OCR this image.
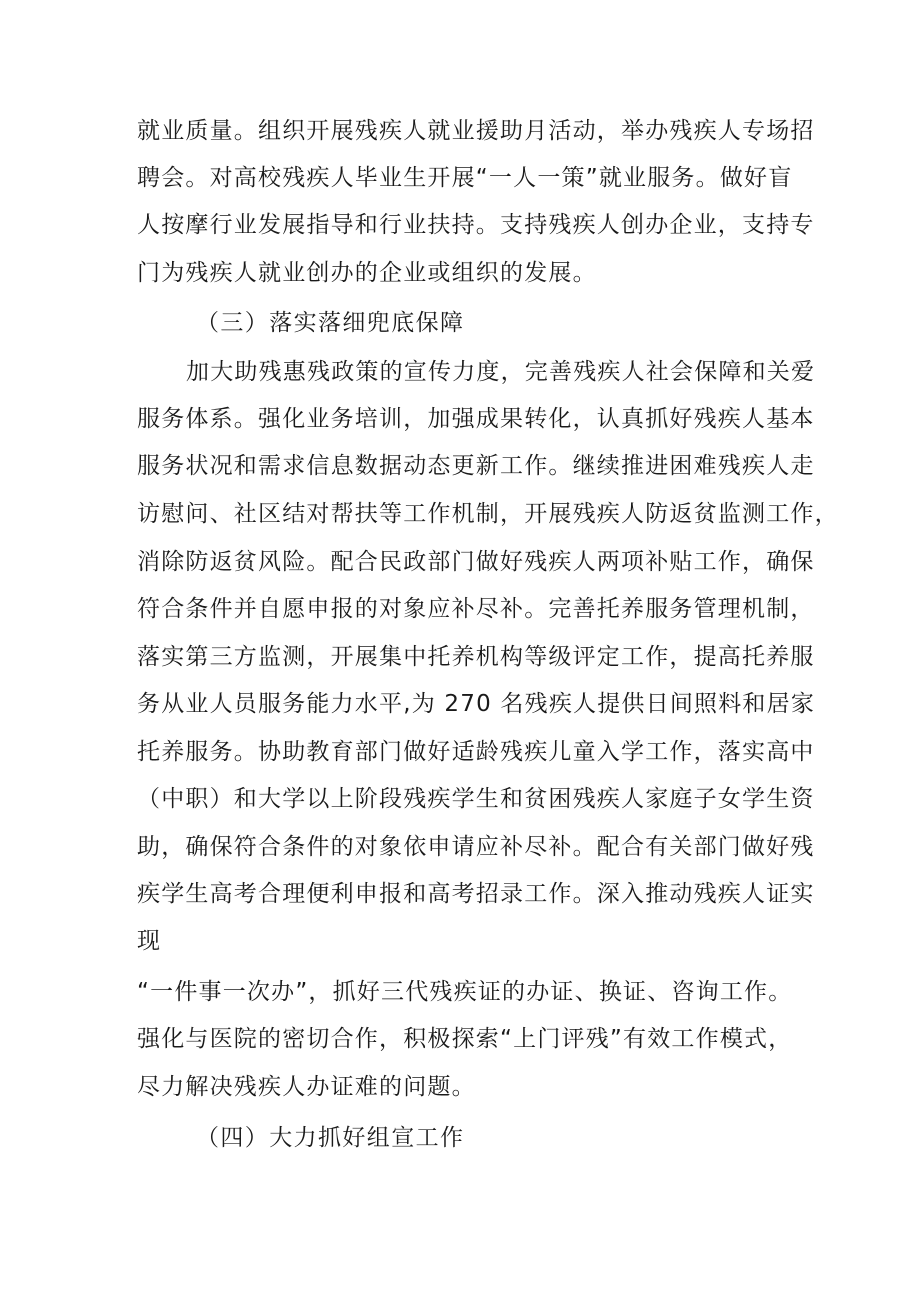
就业质量。组织开展残疾人就业援助月活动，举办残疾人专场招
聘会。对高校残疾人毕业生开展“一人一策”就业服务。做好盲
人按摩行业发展指导和行业扶持。支持残疾人创办企业，支持专
门为残疾人就业创办的企业或组织的发展。
（三）落实落细兜底保障
加大助残惠残政策的宣传力度，完善残疾人社会保障和关爱
服务体系。强化业务培训，加强成果转化，认真抓好残疾人基本
服务状况和需求信息数据动态更新工作。继续推进困难残疾人走
访慰问、社区结对帮扶等工作机制，开展残疾人防返贫监测工作，
消除防返贫风险。配合民政部门做好残疾人两项补贴工作，确保
符合条件并自愿申报的对象应补尽补。完善托养服务管理机制，
落实第三方监测，开展集中托养机构等级评定工作，提高托养服
务从业人员服务能力水平,为 270 名残疾人提供日间照料和居家
托养服务。协助教育部门做好适龄残疾儿童入学工作，落实高中
（中职）和大学以上阶段残疾学生和贫困残疾人家庭子女学生资
助，确保符合条件的对象依申请应补尽补。配合有关部门做好残
疾学生高考合理便利申报和高考招录工作。深入推动残疾人证实
现
“一件事一次办”，抓好三代残疾证的办证、换证、咨询工作。
强化与医院的密切合作，积极探索“上门评残”有效工作模式，
尽力解决残疾人办证难的问题。
（四）大力抓好组宣工作
